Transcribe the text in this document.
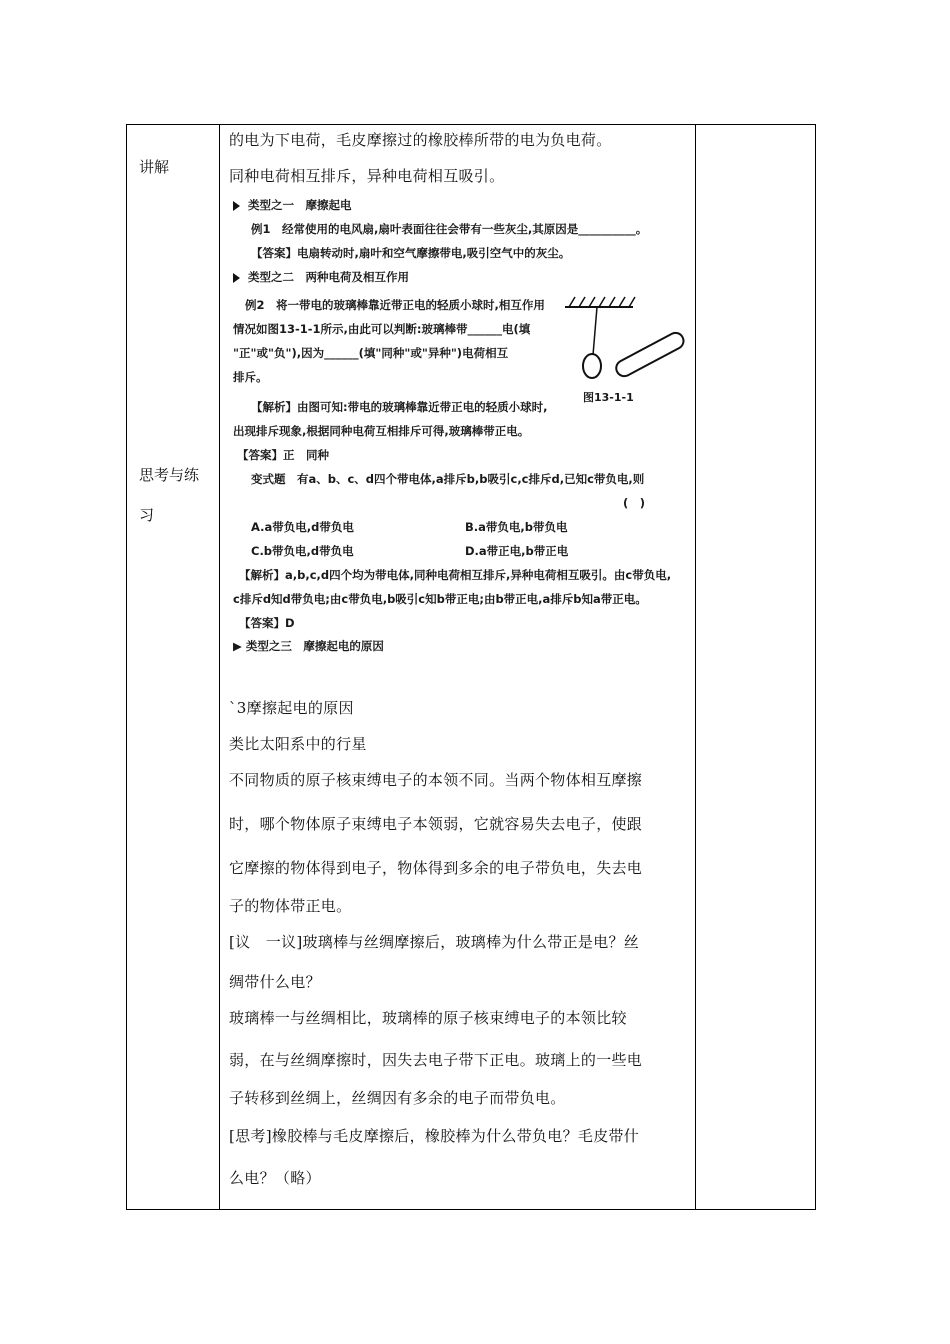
讲解
思考与练
习
的电为下电荷，毛皮摩擦过的橡胶棒所带的电为负电荷。
同种电荷相互排斥，异种电荷相互吸引。
类型之一　摩擦起电
例1　经常使用的电风扇,扇叶表面往往会带有一些灰尘,其原因是__________。
【答案】电扇转动时,扇叶和空气摩擦带电,吸引空气中的灰尘。
类型之二　两种电荷及相互作用
例2　将一带电的玻璃棒靠近带正电的轻质小球时,相互作用
情况如图13-1-1所示,由此可以判断:玻璃棒带______电(填
"正"或"负"),因为______(填"同种"或"异种")电荷相互
排斥。
图13-1-1
【解析】由图可知:带电的玻璃棒靠近带正电的轻质小球时,
出现排斥现象,根据同种电荷互相排斥可得,玻璃棒带正电。
【答案】正　同种
变式题　有a、b、c、d四个带电体,a排斥b,b吸引c,c排斥d,已知c带负电,则
(　)
A.a带负电,d带负电	B.a带负电,b带负电
C.b带负电,d带负电	D.a带正电,b带正电
【解析】a,b,c,d四个均为带电体,同种电荷相互排斥,异种电荷相互吸引。由c带负电,
c排斥d知d带负电;由c带负电,b吸引c知b带正电;由b带正电,a排斥b知a带正电。
【答案】D
▶ 类型之三　摩擦起电的原因
`3摩擦起电的原因
类比太阳系中的行星
不同物质的原子核束缚电子的本领不同。当两个物体相互摩擦
时，哪个物体原子束缚电子本领弱，它就容易失去电子，使跟
它摩擦的物体得到电子，物体得到多余的电子带负电，失去电
子的物体带正电。
[议　一议]玻璃棒与丝绸摩擦后，玻璃棒为什么带正是电？丝
绸带什么电？
玻璃棒一与丝绸相比，玻璃棒的原子核束缚电子的本领比较
弱，在与丝绸摩擦时，因失去电子带下正电。玻璃上的一些电
子转移到丝绸上，丝绸因有多余的电子而带负电。
[思考]橡胶棒与毛皮摩擦后，橡胶棒为什么带负电？毛皮带什
么电？（略）
